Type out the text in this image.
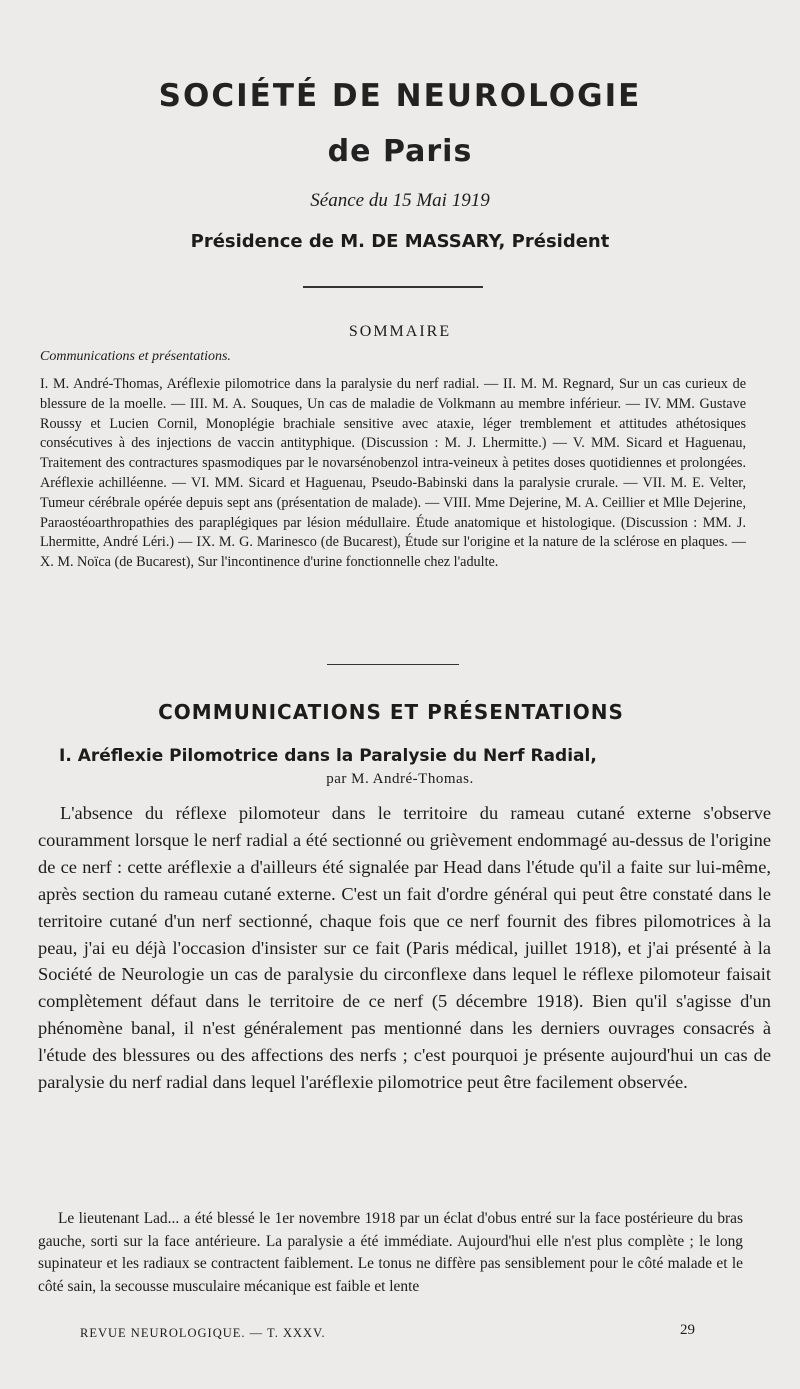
SOCIÉTÉ DE NEUROLOGIE
de Paris
Séance du 15 Mai 1919
Présidence de M. DE MASSARY, Président
SOMMAIRE
Communications et présentations.

I. M. André-Thomas, Aréflexie pilomotrice dans la paralysie du nerf radial. — II. M. M. Regnard, Sur un cas curieux de blessure de la moelle. — III. M. A. Souques, Un cas de maladie de Volkmann au membre inférieur. — IV. MM. Gustave Roussy et Lucien Cornil, Monoplégie brachiale sensitive avec ataxie, léger tremblement et attitudes athétosiques consécutives à des injections de vaccin antityphique. (Discussion : M. J. Lhermitte.) — V. MM. Sicard et Haguenau, Traitement des contractures spasmodiques par le novarsénobenzol intra-veineux à petites doses quotidiennes et prolongées. Aréflexie achilléenne. — VI. MM. Sicard et Haguenau, Pseudo-Babinski dans la paralysie crurale. — VII. M. E. Velter, Tumeur cérébrale opérée depuis sept ans (présentation de malade). — VIII. Mme Dejerine, M. A. Ceillier et Mlle Dejerine, Paraostéoarthropathies des paraplégiques par lésion médullaire. Étude anatomique et histologique. (Discussion : MM. J. Lhermitte, André Léri.) — IX. M. G. Marinesco (de Bucarest), Étude sur l'origine et la nature de la sclérose en plaques. — X. M. Noïca (de Bucarest), Sur l'incontinence d'urine fonctionnelle chez l'adulte.

COMMUNICATIONS ET PRÉSENTATIONS
I. Aréflexie Pilomotrice dans la Paralysie du Nerf Radial,
par M. André-Thomas.

L'absence du réflexe pilomoteur dans le territoire du rameau cutané externe s'observe couramment lorsque le nerf radial a été sectionné ou grièvement endommagé au-dessus de l'origine de ce nerf : cette aréflexie a d'ailleurs été signalée par Head dans l'étude qu'il a faite sur lui-même, après section du rameau cutané externe. C'est un fait d'ordre général qui peut être constaté dans le territoire cutané d'un nerf sectionné, chaque fois que ce nerf fournit des fibres pilomotrices à la peau, j'ai eu déjà l'occasion d'insister sur ce fait (Paris médical, juillet 1918), et j'ai présenté à la Société de Neurologie un cas de paralysie du circonflexe dans lequel le réflexe pilomoteur faisait complètement défaut dans le territoire de ce nerf (5 décembre 1918). Bien qu'il s'agisse d'un phénomène banal, il n'est généralement pas mentionné dans les derniers ouvrages consacrés à l'étude des blessures ou des affections des nerfs ; c'est pourquoi je présente aujourd'hui un cas de paralysie du nerf radial dans lequel l'aréflexie pilomotrice peut être facilement observée.

Le lieutenant Lad... a été blessé le 1er novembre 1918 par un éclat d'obus entré sur la face postérieure du bras gauche, sorti sur la face antérieure. La paralysie a été immédiate. Aujourd'hui elle n'est plus complète ; le long supinateur et les radiaux se contractent faiblement. Le tonus ne diffère pas sensiblement pour le côté malade et le côté sain, la secousse musculaire mécanique est faible et lente

REVUE NEUROLOGIQUE. — T. XXXV.	29
